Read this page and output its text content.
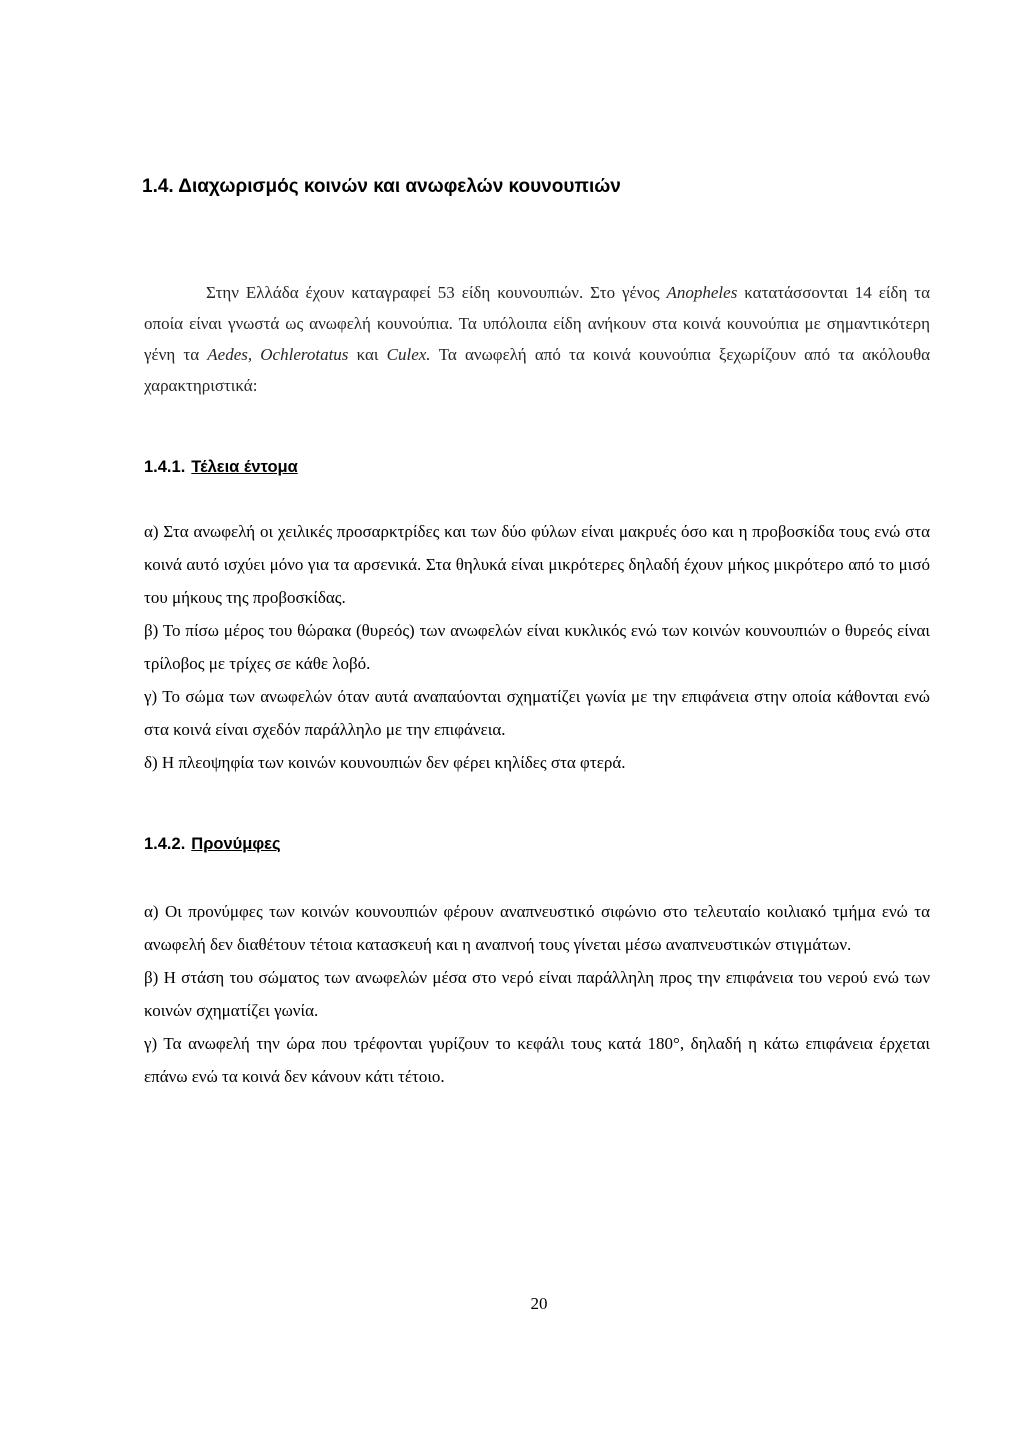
1.4. Διαχωρισμός κοινών και ανωφελών κουνουπιών

Στην Ελλάδα έχουν καταγραφεί 53 είδη κουνουπιών. Στο γένος Anopheles κατατάσσονται 14 είδη τα οποία είναι γνωστά ως ανωφελή κουνούπια. Τα υπόλοιπα είδη ανήκουν στα κοινά κουνούπια με σημαντικότερη γένη τα Aedes, Ochlerotatus και Culex. Τα ανωφελή από τα κοινά κουνούπια ξεχωρίζουν από τα ακόλουθα χαρακτηριστικά:

1.4.1. Τέλεια έντομα
α) Στα ανωφελή οι χειλικές προσαρκτρίδες και των δύο φύλων είναι μακρυές όσο και η προβοσκίδα τους ενώ στα κοινά αυτό ισχύει μόνο για τα αρσενικά. Στα θηλυκά είναι μικρότερες δηλαδή έχουν μήκος μικρότερο από το μισό του μήκους της προβοσκίδας.
β) Το πίσω μέρος του θώρακα (θυρεός) των ανωφελών είναι κυκλικός ενώ των κοινών κουνουπιών ο θυρεός είναι τρίλοβος με τρίχες σε κάθε λοβό.
γ) Το σώμα των ανωφελών όταν αυτά αναπαύονται σχηματίζει γωνία με την επιφάνεια στην οποία κάθονται ενώ στα κοινά είναι σχεδόν παράλληλο με την επιφάνεια.
δ) Η πλεοψηφία των κοινών κουνουπιών δεν φέρει κηλίδες στα φτερά.
1.4.2. Προνύμφες
α) Οι προνύμφες των κοινών κουνουπιών φέρουν αναπνευστικό σιφώνιο στο τελευταίο κοιλιακό τμήμα ενώ τα ανωφελή δεν διαθέτουν τέτοια κατασκευή και η αναπνοή τους γίνεται μέσω αναπνευστικών στιγμάτων.
β) Η στάση του σώματος των ανωφελών μέσα στο νερό είναι παράλληλη προς την επιφάνεια του νερού ενώ των κοινών σχηματίζει γωνία.
γ) Τα ανωφελή την ώρα που τρέφονται γυρίζουν το κεφάλι τους κατά 180°, δηλαδή η κάτω επιφάνεια έρχεται επάνω ενώ τα κοινά δεν κάνουν κάτι τέτοιο.

20
